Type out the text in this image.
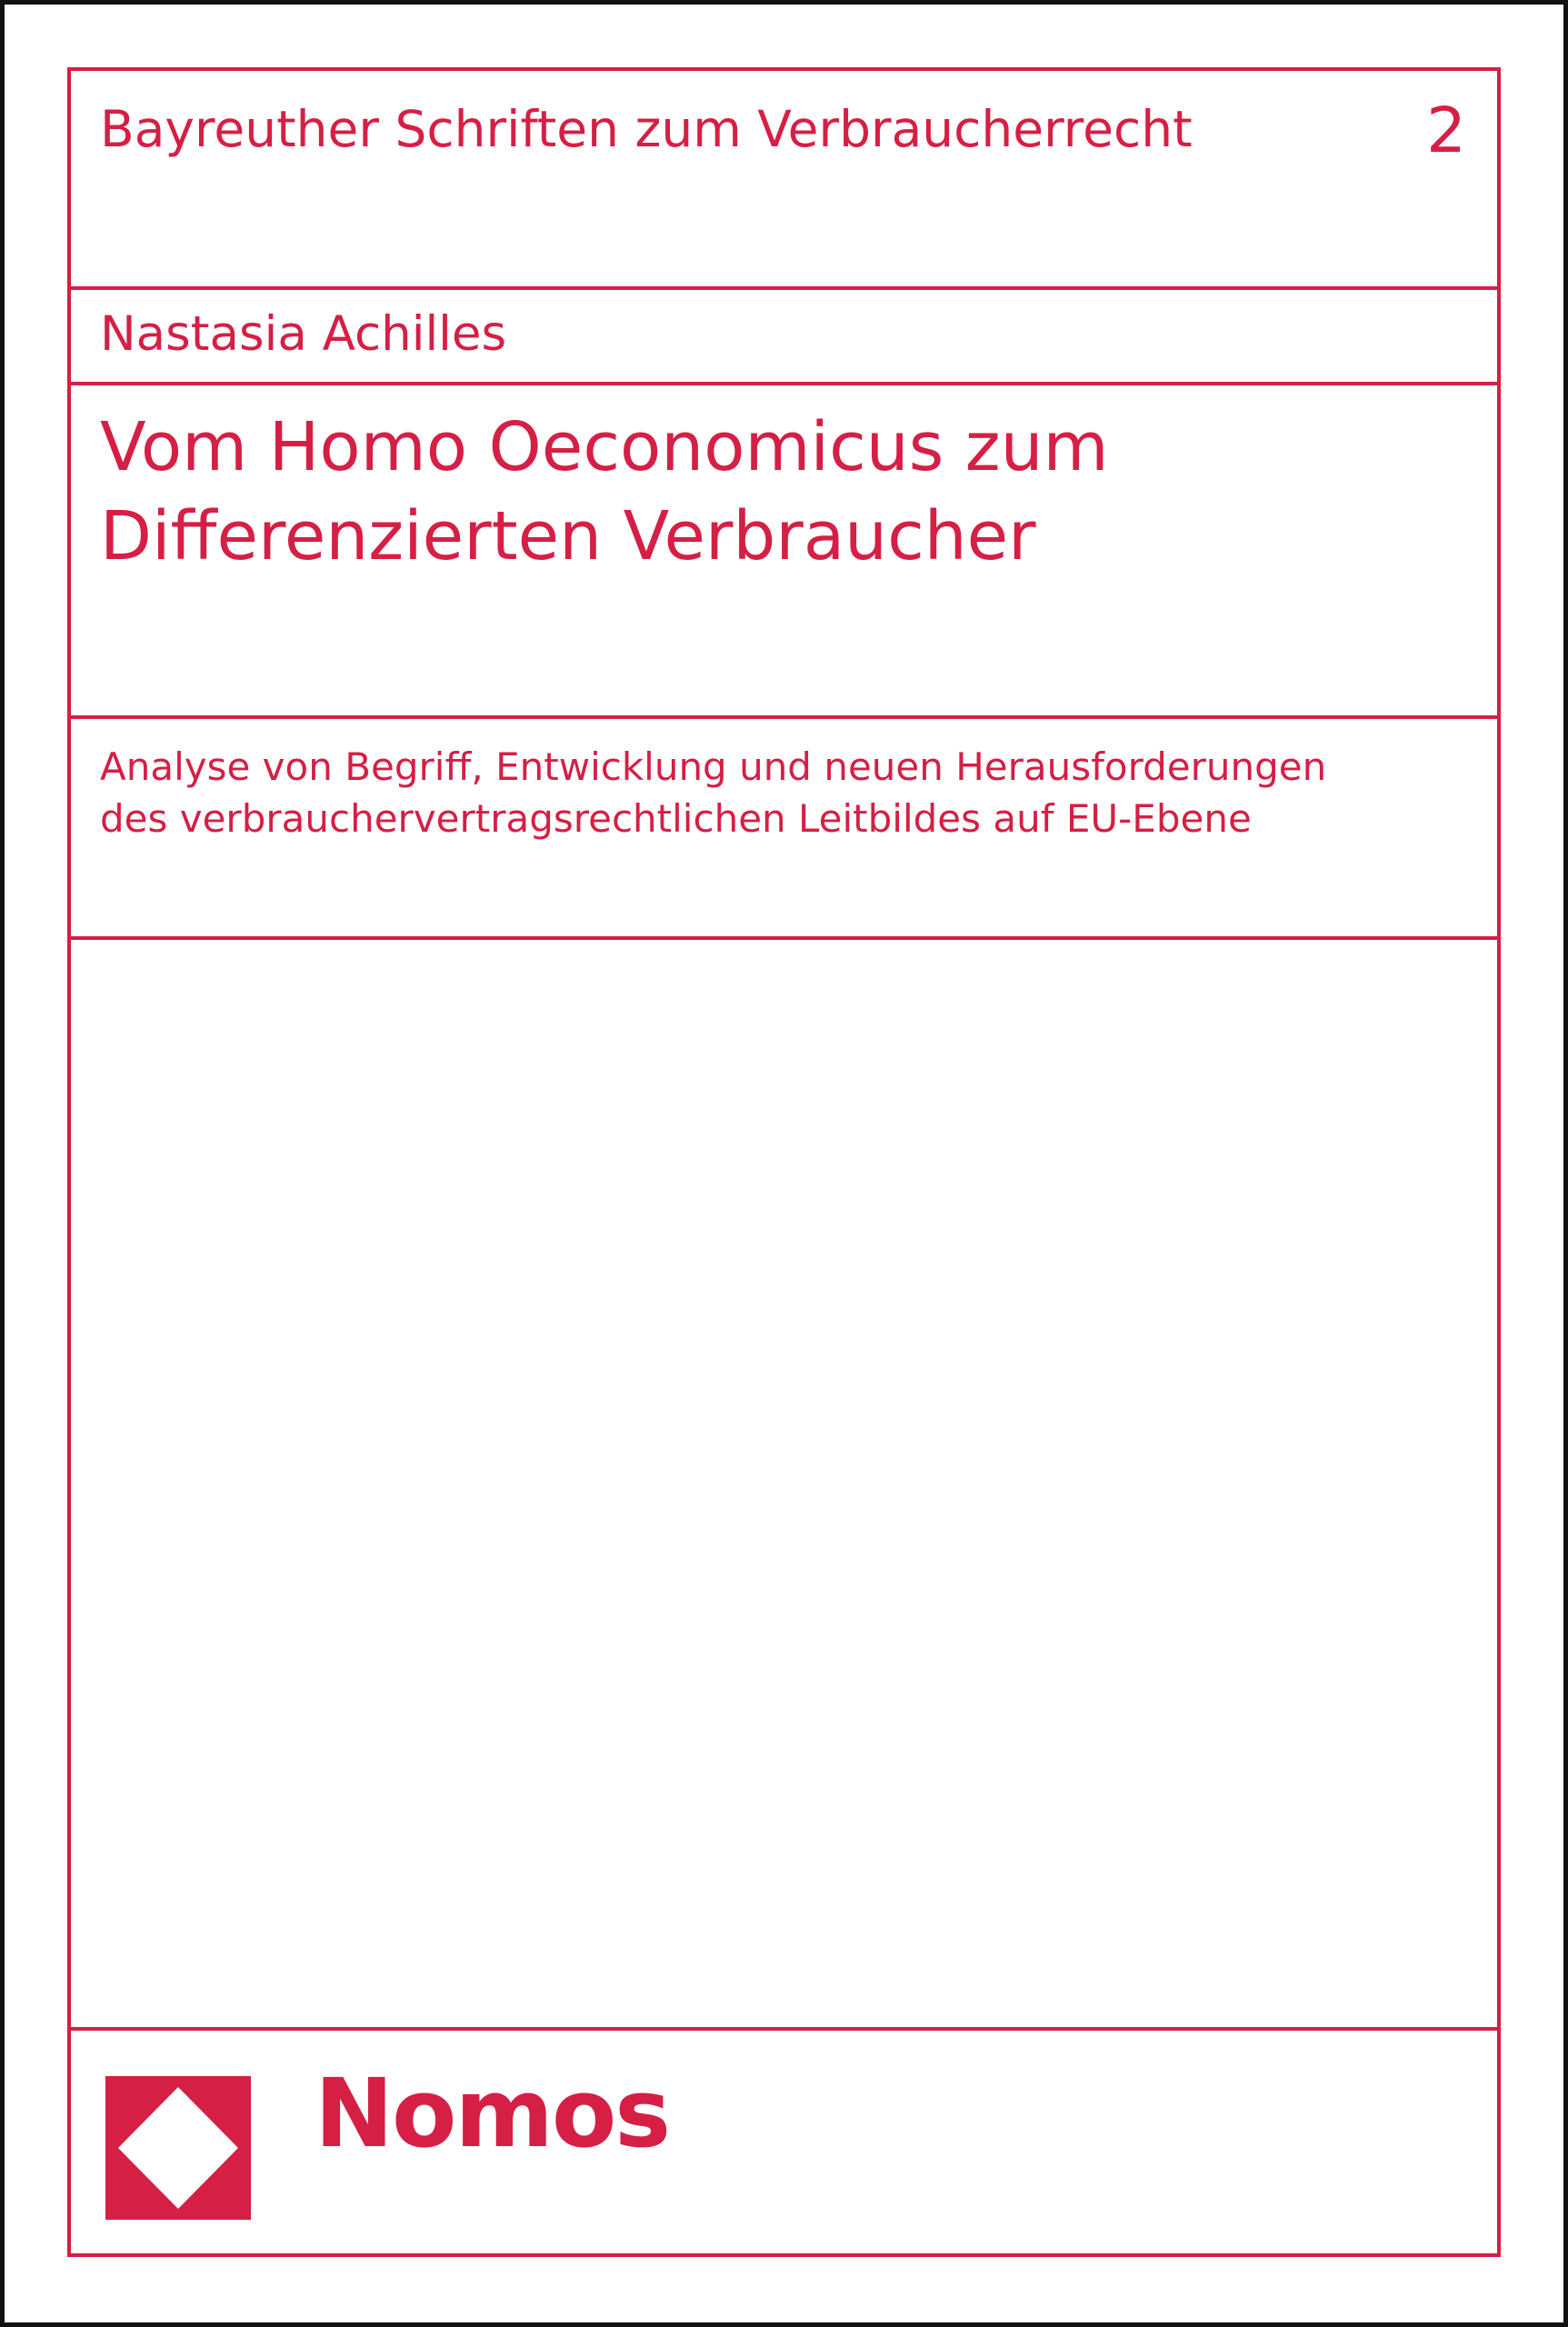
Bayreuther Schriften zum Verbraucherrecht	2
Nastasia Achilles
Vom Homo Oeconomicus zum
Differenzierten Verbraucher
Analyse von Begriff, Entwicklung und neuen Herausforderungen
des verbrauchervertragsrechtlichen Leitbildes auf EU-Ebene
Nomos
